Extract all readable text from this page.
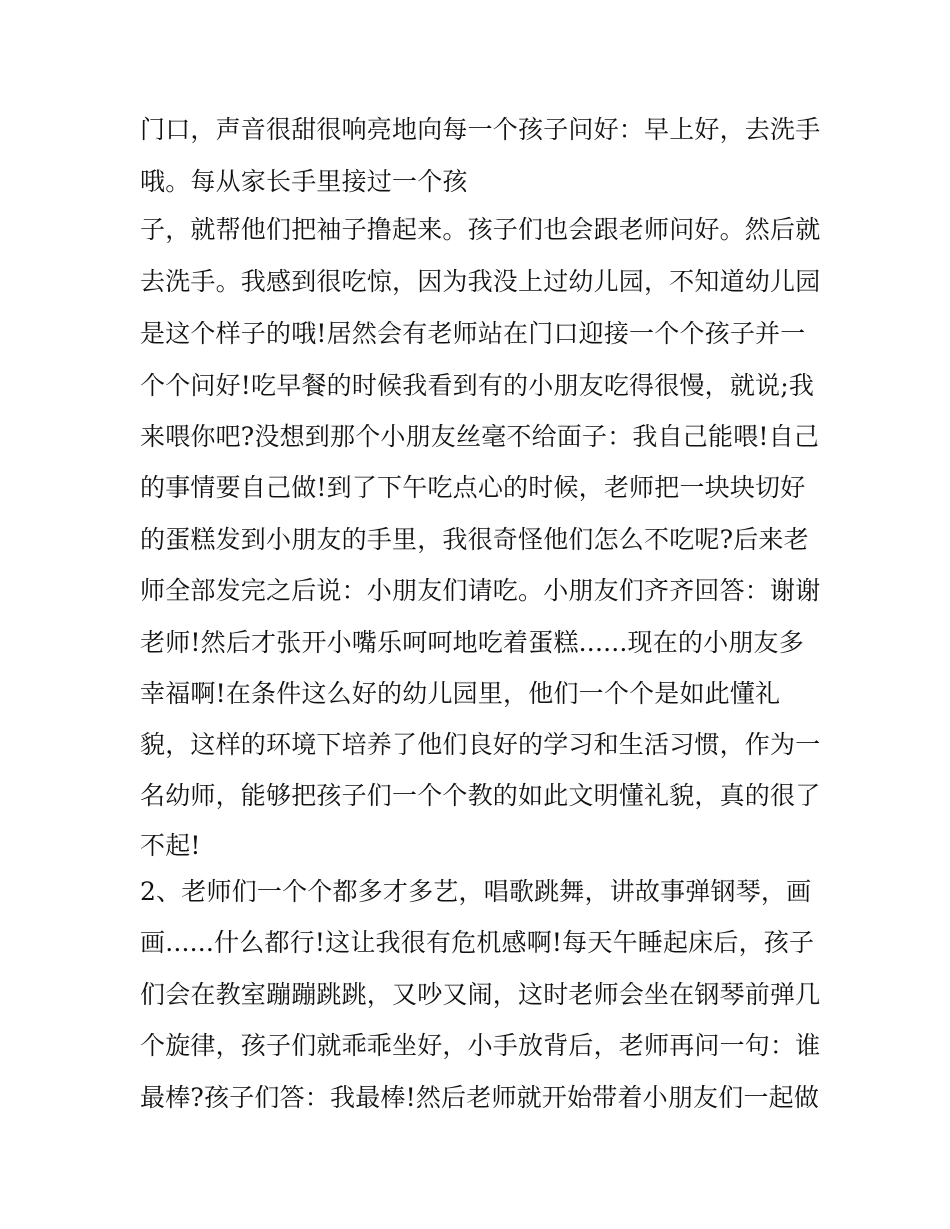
门口，声音很甜很响亮地向每一个孩子问好：早上好，去洗手
哦。每从家长手里接过一个孩
子，就帮他们把袖子撸起来。孩子们也会跟老师问好。然后就
去洗手。我感到很吃惊，因为我没上过幼儿园，不知道幼儿园
是这个样子的哦!居然会有老师站在门口迎接一个个孩子并一
个个问好!吃早餐的时候我看到有的小朋友吃得很慢，就说;我
来喂你吧?没想到那个小朋友丝毫不给面子：我自己能喂!自己
的事情要自己做!到了下午吃点心的时候，老师把一块块切好
的蛋糕发到小朋友的手里，我很奇怪他们怎么不吃呢?后来老
师全部发完之后说：小朋友们请吃。小朋友们齐齐回答：谢谢
老师!然后才张开小嘴乐呵呵地吃着蛋糕......现在的小朋友多
幸福啊!在条件这么好的幼儿园里，他们一个个是如此懂礼
貌，这样的环境下培养了他们良好的学习和生活习惯，作为一
名幼师，能够把孩子们一个个教的如此文明懂礼貌，真的很了
不起!
2、老师们一个个都多才多艺，唱歌跳舞，讲故事弹钢琴，画
画......什么都行!这让我很有危机感啊!每天午睡起床后，孩子
们会在教室蹦蹦跳跳，又吵又闹，这时老师会坐在钢琴前弹几
个旋律，孩子们就乖乖坐好，小手放背后，老师再问一句：谁
最棒?孩子们答：我最棒!然后老师就开始带着小朋友们一起做
